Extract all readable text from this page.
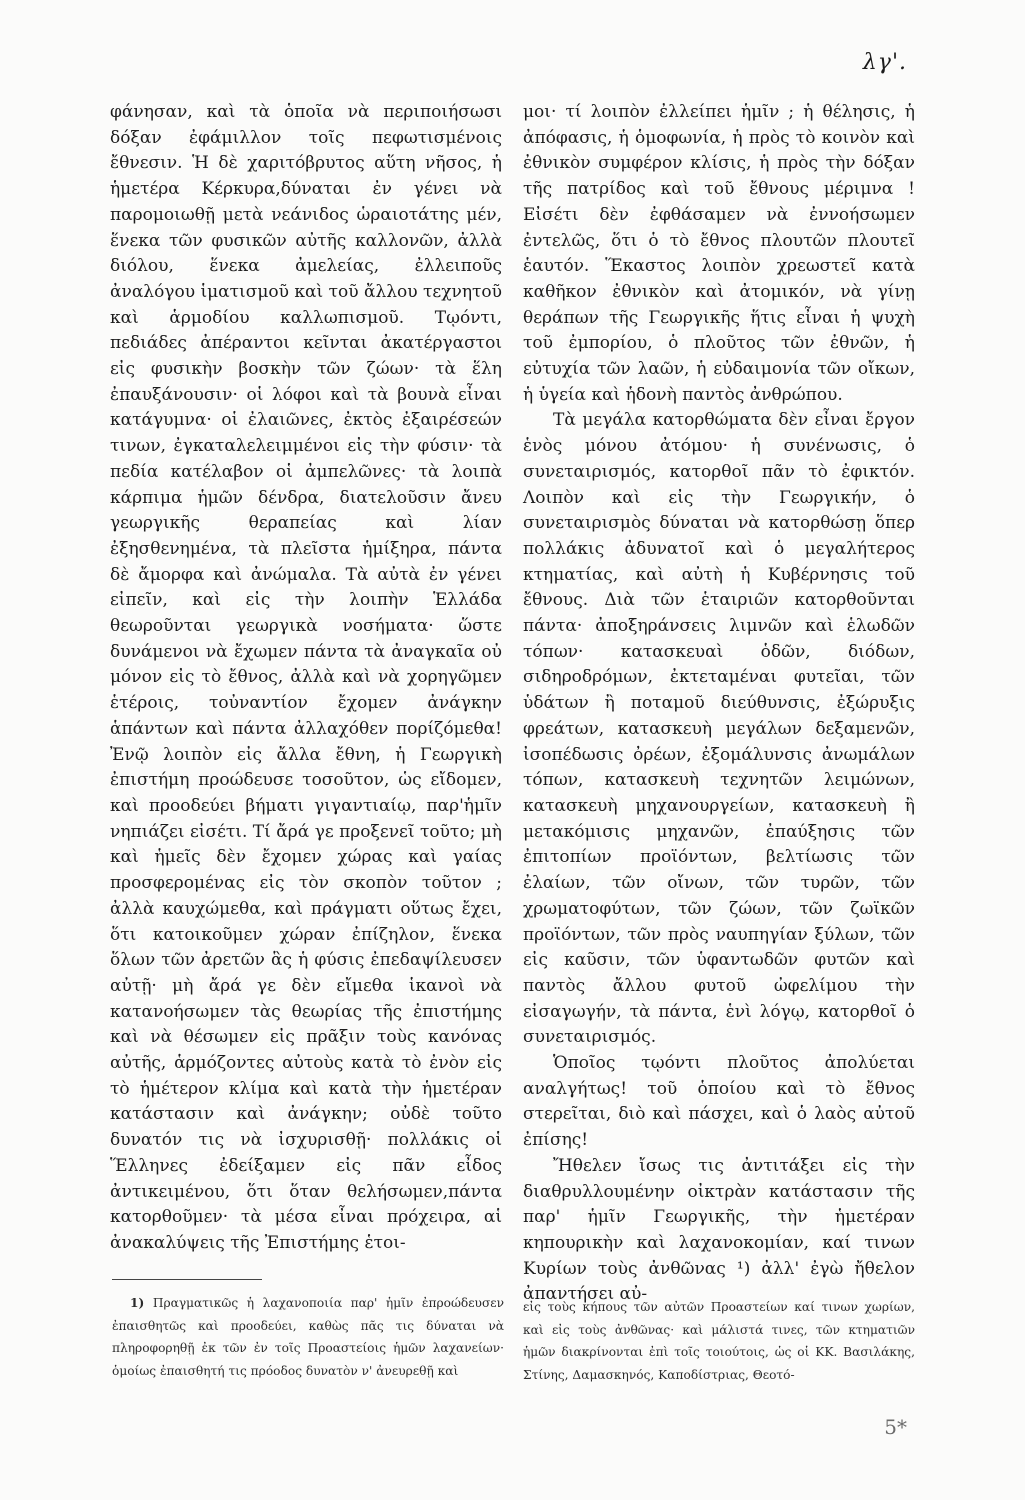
λγ'.

φάνησαν, καὶ τὰ ὁποῖα νὰ περιποιήσωσι δόξαν ἐφάμιλλον τοῖς πεφωτισμένοις ἔθνεσιν. Ἡ δὲ χαριτόβρυτος αὕτη νῆσος, ἡ ἡμετέρα Κέρκυρα,δύναται ἐν γένει νὰ παρομοιωθῇ μετὰ νεάνιδος ὡραιοτάτης μέν, ἕνεκα τῶν φυσικῶν αὐτῆς καλλονῶν, ἀλλὰ διόλου, ἕνεκα ἀμελείας, ἐλλειποῦς ἀναλόγου ἱματισμοῦ καὶ τοῦ ἄλλου τεχνητοῦ καὶ ἁρμοδίου καλλωπισμοῦ. Τῳόντι, πεδιάδες ἀπέραντοι κεῖνται ἀκατέργαστοι εἰς φυσικὴν βοσκὴν τῶν ζώων· τὰ ἕλη ἐπαυξάνουσιν· οἱ λόφοι καὶ τὰ βουνὰ εἶναι κατάγυμνα· οἱ ἐλαιῶνες, ἐκτὸς ἐξαιρέσεών τινων, ἐγκαταλελειμμένοι εἰς τὴν φύσιν· τὰ πεδία κατέλαβον οἱ ἀμπελῶνες· τὰ λοιπὰ κάρπιμα ἡμῶν δένδρα, διατελοῦσιν ἄνευ γεωργικῆς θεραπείας καὶ λίαν ἐξησθενημένα, τὰ πλεῖστα ἡμίξηρα, πάντα δὲ ἄμορφα καὶ ἀνώμαλα. Τὰ αὐτὰ ἐν γένει εἰπεῖν, καὶ εἰς τὴν λοιπὴν Ἑλλάδα θεωροῦνται γεωργικὰ νοσήματα· ὥστε δυνάμενοι νὰ ἔχωμεν πάντα τὰ ἀναγκαῖα οὐ μόνον εἰς τὸ ἔθνος, ἀλλὰ καὶ νὰ χορηγῶμεν ἑτέροις, τοὐναντίον ἔχομεν ἀνάγκην ἁπάντων καὶ πάντα ἀλλαχόθεν πορίζόμεθα! Ἐνῷ λοιπὸν εἰς ἄλλα ἔθνη, ἡ Γεωργικὴ ἐπιστήμη προώδευσε τοσοῦτον, ὡς εἴδομεν, καὶ προοδεύει βήματι γιγαντιαίῳ, παρ'ἡμῖν νηπιάζει εἰσέτι. Τί ἄρά γε προξενεῖ τοῦτο; μὴ καὶ ἡμεῖς δὲν ἔχομεν χώρας καὶ γαίας προσφερομένας εἰς τὸν σκοπὸν τοῦτον ; ἀλλὰ καυχώμεθα, καὶ πράγματι οὕτως ἔχει, ὅτι κατοικοῦμεν χώραν ἐπίζηλον, ἕνεκα ὅλων τῶν ἀρετῶν ἃς ἡ φύσις ἐπεδαψίλευσεν αὐτῇ· μὴ ἄρά γε δὲν εἴμεθα ἱκανοὶ νὰ κατανοήσωμεν τὰς θεωρίας τῆς ἐπιστήμης καὶ νὰ θέσωμεν εἰς πρᾶξιν τοὺς κανόνας αὐτῆς, ἁρμόζοντες αὐτοὺς κατὰ τὸ ἐνὸν εἰς τὸ ἡμέτερον κλίμα καὶ κατὰ τὴν ἡμετέραν κατάστασιν καὶ ἀνάγκην; οὐδὲ τοῦτο δυνατόν τις νὰ ἰσχυρισθῇ· πολλάκις οἱ Ἕλληνες ἐδείξαμεν εἰς πᾶν εἶδος ἀντικειμένου, ὅτι ὅταν θελήσωμεν,πάντα κατορθοῦμεν· τὰ μέσα εἶναι πρόχειρα, αἱ ἀνακαλύψεις τῆς Ἐπιστήμης ἑτοι-

μοι· τί λοιπὸν ἐλλείπει ἡμῖν ; ἡ θέλησις, ἡ ἀπόφασις, ἡ ὁμοφωνία, ἡ πρὸς τὸ κοινὸν καὶ ἐθνικὸν συμφέρον κλίσις, ἡ πρὸς τὴν δόξαν τῆς πατρίδος καὶ τοῦ ἔθνους μέριμνα ! Εἰσέτι δὲν ἐφθάσαμεν νὰ ἐννοήσωμεν ἐντελῶς, ὅτι ὁ τὸ ἔθνος πλουτῶν πλουτεῖ ἑαυτόν. Ἕκαστος λοιπὸν χρεωστεῖ κατὰ καθῆκον ἐθνικὸν καὶ ἀτομικόν, νὰ γίνῃ θεράπων τῆς Γεωργικῆς ἥτις εἶναι ἡ ψυχὴ τοῦ ἐμπορίου, ὁ πλοῦτος τῶν ἐθνῶν, ἡ εὐτυχία τῶν λαῶν, ἡ εὐδαιμονία τῶν οἴκων, ἡ ὑγεία καὶ ἡδονὴ παντὸς ἀνθρώπου.

Τὰ μεγάλα κατορθώματα δὲν εἶναι ἔργον ἑνὸς μόνου ἀτόμου· ἡ συνένωσις, ὁ συνεταιρισμός, κατορθοῖ πᾶν τὸ ἐφικτόν. Λοιπὸν καὶ εἰς τὴν Γεωργικήν, ὁ συνεταιρισμὸς δύναται νὰ κατορθώσῃ ὅπερ πολλάκις ἀδυνατοῖ καὶ ὁ μεγαλήτερος κτηματίας, καὶ αὐτὴ ἡ Κυβέρνησις τοῦ ἔθνους. Διὰ τῶν ἑταιριῶν κατορθοῦνται πάντα· ἀποξηράνσεις λιμνῶν καὶ ἑλωδῶν τόπων· κατασκευαὶ ὁδῶν, διόδων, σιδηροδρόμων, ἐκτεταμέναι φυτεῖαι, τῶν ὑδάτων ἢ ποταμοῦ διεύθυνσις, ἐξώρυξις φρεάτων, κατασκευὴ μεγάλων δεξαμενῶν, ἰσοπέδωσις ὀρέων, ἐξομάλυνσις ἀνωμάλων τόπων, κατασκευὴ τεχνητῶν λειμώνων, κατασκευὴ μηχανουργείων, κατασκευὴ ἢ μετακόμισις μηχανῶν, ἐπαύξησις τῶν ἐπιτοπίων προϊόντων, βελτίωσις τῶν ἐλαίων, τῶν οἴνων, τῶν τυρῶν, τῶν χρωματοφύτων, τῶν ζώων, τῶν ζωϊκῶν προϊόντων, τῶν πρὸς ναυπηγίαν ξύλων, τῶν εἰς καῦσιν, τῶν ὑφαντωδῶν φυτῶν καὶ παντὸς ἄλλου φυτοῦ ὠφελίμου τὴν εἰσαγωγήν, τὰ πάντα, ἑνὶ λόγῳ, κατορθοῖ ὁ συνεταιρισμός.

Ὁποῖος τῳόντι πλοῦτος ἀπολύεται αναλγήτως! τοῦ ὁποίου καὶ τὸ ἔθνος στερεῖται, διὸ καὶ πάσχει, καὶ ὁ λαὸς αὐτοῦ ἐπίσης!

Ἤθελεν ἴσως τις ἀντιτάξει εἰς τὴν διαθρυλλουμένην οἰκτρὰν κατάστασιν τῆς παρ' ἡμῖν Γεωργικῆς, τὴν ἡμετέραν κηπουρικὴν καὶ λαχανοκομίαν, καί τινων Κυρίων τοὺς ἀνθῶνας ¹) ἀλλ' ἐγὼ ἤθελον ἀπαντήσει αὐ-

1) Πραγματικῶς ἡ λαχανοποιία παρ' ἡμῖν ἐπροώδευσεν ἐπαισθητῶς καὶ προοδεύει, καθὼς πᾶς τις δύναται νὰ πληροφορηθῇ ἐκ τῶν ἐν τοῖς Προαστείοις ἡμῶν λαχανείων· ὁμοίως ἐπαισθητή τις πρόοδος δυνατὸν ν' ἀνευρεθῇ καὶ

εἰς τοὺς κήπους τῶν αὐτῶν Προαστείων καί τινων χωρίων, καὶ εἰς τοὺς ἀνθῶνας· καὶ μάλιστά τινες, τῶν κτηματιῶν ἡμῶν διακρίνονται ἐπὶ τοῖς τοιούτοις, ὡς οἱ ΚΚ. Βασιλάκης, Στίνης, Δαμασκηνός, Καποδίστριας, Θεοτό-

5*
